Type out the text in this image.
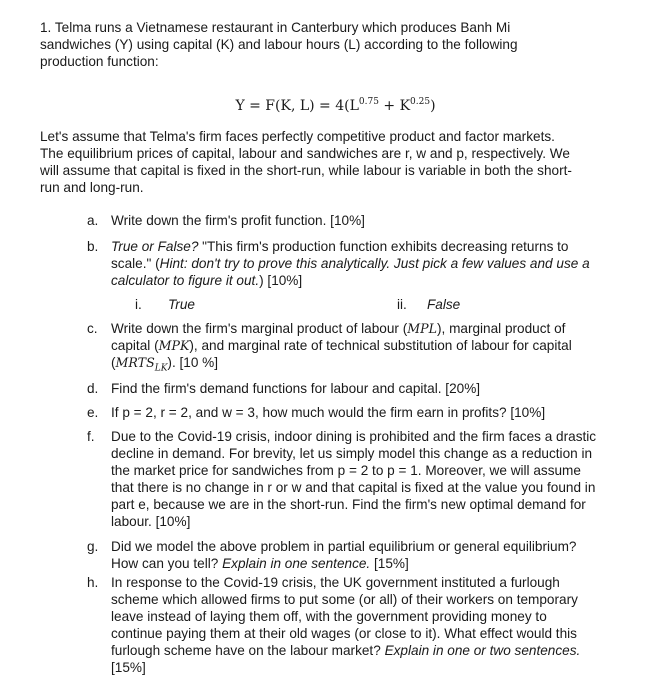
1. Telma runs a Vietnamese restaurant in Canterbury which produces Banh Mi sandwiches (Y) using capital (K) and labour hours (L) according to the following production function:
Y = F(K, $L) = 4(L^{0.75} + K^{0.25})$
Let's assume that Telma's firm faces perfectly competitive product and factor markets. The equilibrium prices of capital, labour and sandwiches are r, w and p, respectively. We will assume that capital is fixed in the short-run, while labour is variable in both the short-run and long-run.
a. Write down the firm's profit function. [10%]
b. True or False? "This firm's production function exhibits decreasing returns to scale." (Hint: don't try to prove this analytically. Just pick a few values and use a calculator to figure it out.) [10%]
i. True	ii. False
c. Write down the firm's marginal product of labour (MPL), marginal product of capital (MPK), and marginal rate of technical substitution of labour for capital $(MRTS_{LK})$. [10 %]
d. Find the firm's demand functions for labour and capital. [20%]
e. If p = 2, r = 2, and w = 3, how much would the firm earn in profits? [10%]
f.	Due to the Covid-19 crisis, indoor dining is prohibited and the firm faces a drastic decline in demand. For brevity, let us simply model this change as a reduction in the market price for sandwiches from p = 2 to p = 1. Moreover, we will assume that there is no change in r or w and that capital is fixed at the value you found in part e, because we are in the short-run. Find the firm's new optimal demand for labour. [10%]
g. Did we model the above problem in partial equilibrium or general equilibrium? How can you tell? Explain in one sentence. [15%]
h. In response to the Covid-19 crisis, the UK government instituted a furlough scheme which allowed firms to put some (or all) of their workers on temporary leave instead of laying them off, with the government providing money to continue paying them at their old wages (or close to it). What effect would this furlough scheme have on the labour market? Explain in one or two sentences. [15%]
